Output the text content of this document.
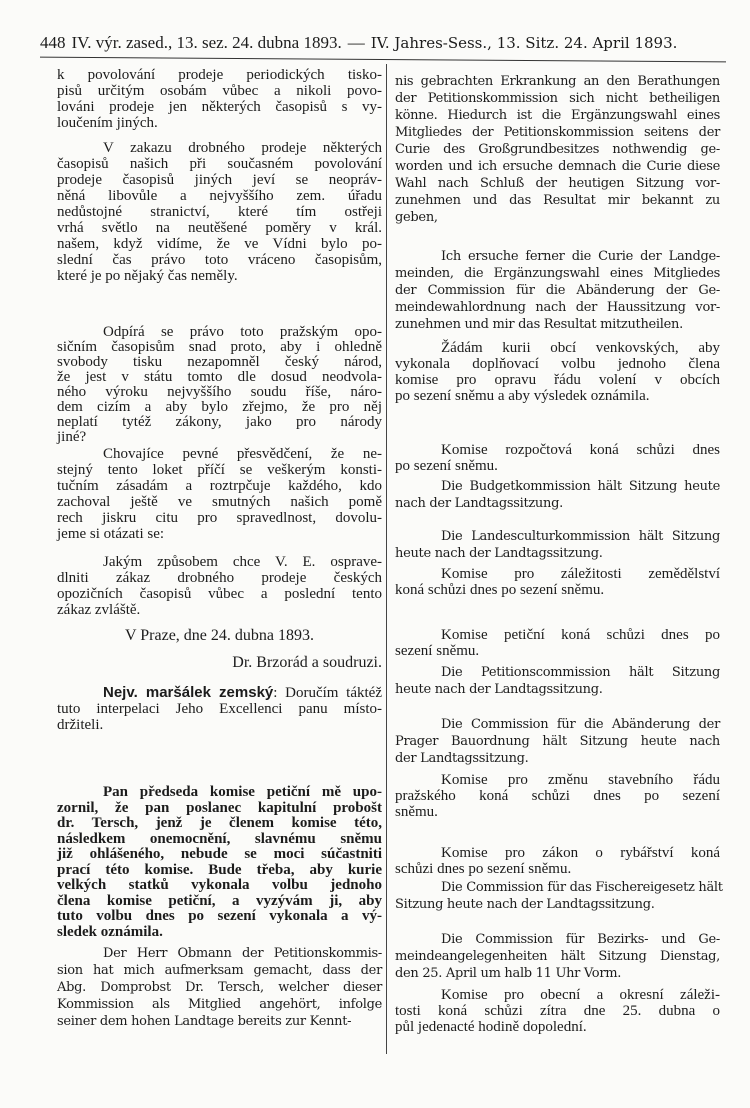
448 IV. výr. zased., 13. sez. 24. dubna 1893. — IV. Jahres-Sess., 13. Sitz. 24. April 1893.
k povolování prodeje periodických tisko-
pisů určitým osobám vůbec a nikoli povo-
lováni prodeje jen některých časopisů s vy-
loučením jiných.
V zakazu drobného prodeje některých
časopisů našich při současném povolování
prodeje časopisů jiných jeví se neopráv-
něná libovůle a nejvyššího zem. úřadu
nedůstojné stranictví, které tím ostřeji
vrhá světlo na neutěšené poměry v král.
našem, když vidíme, že ve Vídni bylo po-
slední čas právo toto vráceno časopisům,
které je po nějaký čas neměly.
Odpírá se právo toto pražským opo-
sičním časopisům snad proto, aby i ohledně
svobody tisku nezapomněl český národ,
že jest v státu tomto dle dosud neodvola-
ného výroku nejvyššího soudu říše, náro-
dem cizím a aby bylo zřejmo, že pro něj
neplatí tytéž zákony, jako pro národy
jiné?
Chovajíce pevné přesvědčení, že ne-
stejný tento loket příčí se veškerým konsti-
tučním zásadám a roztrpčuje každého, kdo
zachoval ještě ve smutných našich pomě
rech jiskru citu pro spravedlnost, dovolu-
jeme si otázati se:
Jakým způsobem chce V. E. osprave-
dlniti zákaz drobného prodeje českých
opozičních časopisů vůbec a poslední tento
zákaz zvláště.
V Praze, dne 24. dubna 1893.
Dr. Brzorád a soudruzi.
Nejv. maršálek zemský: Doručím táktéž
tuto interpelaci Jeho Excellenci panu místo-
držiteli.
Pan předseda komise petiční mě upo-
zornil, že pan poslanec kapitulní probošt
dr. Tersch, jenž je členem komise této,
následkem onemocnění, slavnému sněmu
již ohlášeného, nebude se moci súčastniti
prací této komise. Bude třeba, aby kurie
velkých statků vykonala volbu jednoho
člena komise petiční, a vyzývám ji, aby
tuto volbu dnes po sezení vykonala a vý-
sledek oznámila.
Der Herr Obmann der Petitionskommis-
sion hat mich aufmerksam gemacht, dass der
Abg. Domprobst Dr. Tersch, welcher dieser
Kommission als Mitglied angehört, infolge
seiner dem hohen Landtage bereits zur Kennt-
nis gebrachten Erkrankung an den Berathungen
der Petitionskommission sich nicht betheiligen
könne. Hiedurch ist die Ergänzungswahl eines
Mitgliedes der Petitionskommission seitens der
Curie des Großgrundbesitzes nothwendig ge-
worden und ich ersuche demnach die Curie diese
Wahl nach Schluß der heutigen Sitzung vor-
zunehmen und das Resultat mir bekannt zu
geben,
Ich ersuche ferner die Curie der Landge-
meinden, die Ergänzungswahl eines Mitgliedes
der Commission für die Abänderung der Ge-
meindewahlordnung nach der Haussitzung vor-
zunehmen und mir das Resultat mitzutheilen.
Žádám kurii obcí venkovských, aby
vykonala doplňovací volbu jednoho člena
komise pro opravu řádu volení v obcích
po sezení sněmu a aby výsledek oznámila.
Komise rozpočtová koná schůzi dnes
po sezení sněmu.
Die Budgetkommission hält Sitzung heute
nach der Landtagssitzung.
Die Landesculturkommission hält Sitzung
heute nach der Landtagssitzung.
Komise pro záležitosti zemědělství
koná schůzi dnes po sezení sněmu.
Komise petiční koná schůzi dnes po
sezení sněmu.
Die Petitionscommission hält Sitzung
heute nach der Landtagssitzung.
Die Commission für die Abänderung der
Prager Bauordnung hält Sitzung heute nach
der Landtagssitzung.
Komise pro změnu stavebního řádu
pražského koná schůzi dnes po sezení
sněmu.
Komise pro zákon o rybářství koná
schůzi dnes po sezení sněmu.
Die Commission für das Fischereigesetz hält
Sitzung heute nach der Landtagssitzung.
Die Commission für Bezirks- und Ge-
meindeangelegenheiten hält Sitzung Dienstag,
den 25. April um halb 11 Uhr Vorm.
Komise pro obecní a okresní záleži-
tosti koná schůzi zítra dne 25. dubna o
půl jedenacté hodině dopolední.
